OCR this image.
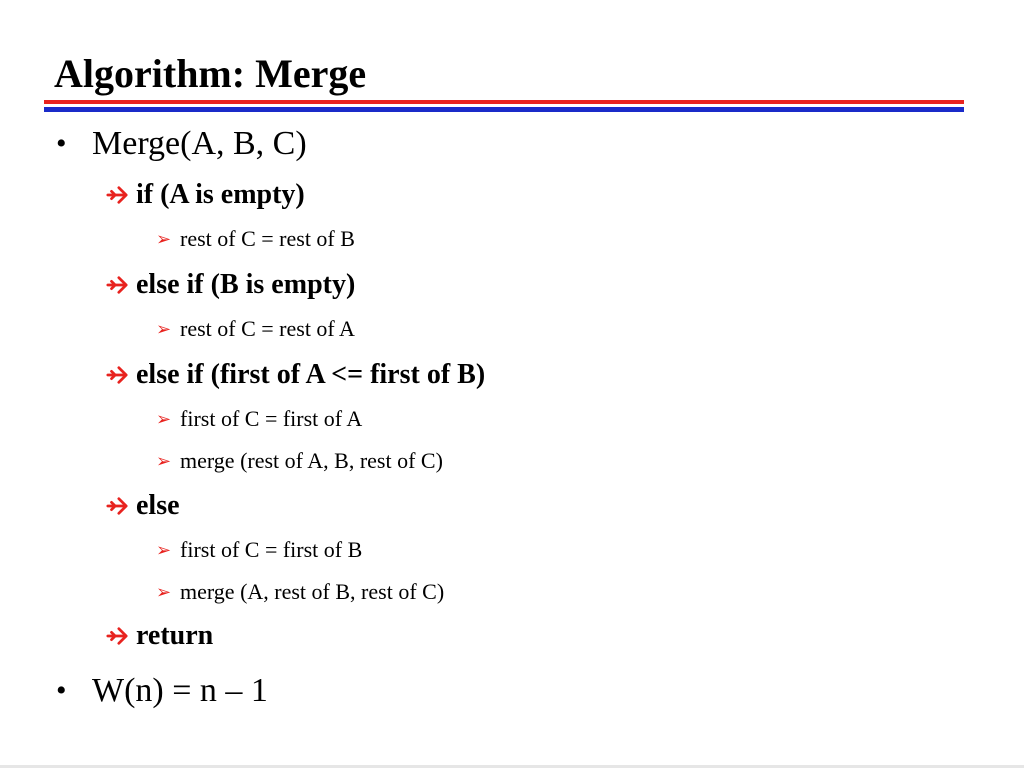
Algorithm: Merge
• Merge(A, B, C)
if (A is empty)
➢ rest of C = rest of B
else if (B is empty)
➢ rest of C = rest of A
else if (first of A <= first of B)
➢ first of C = first of A
➢ merge (rest of A, B, rest of C)
else
➢ first of C = first of B
➢ merge (A, rest of B, rest of C)
return
• W(n) = n – 1
